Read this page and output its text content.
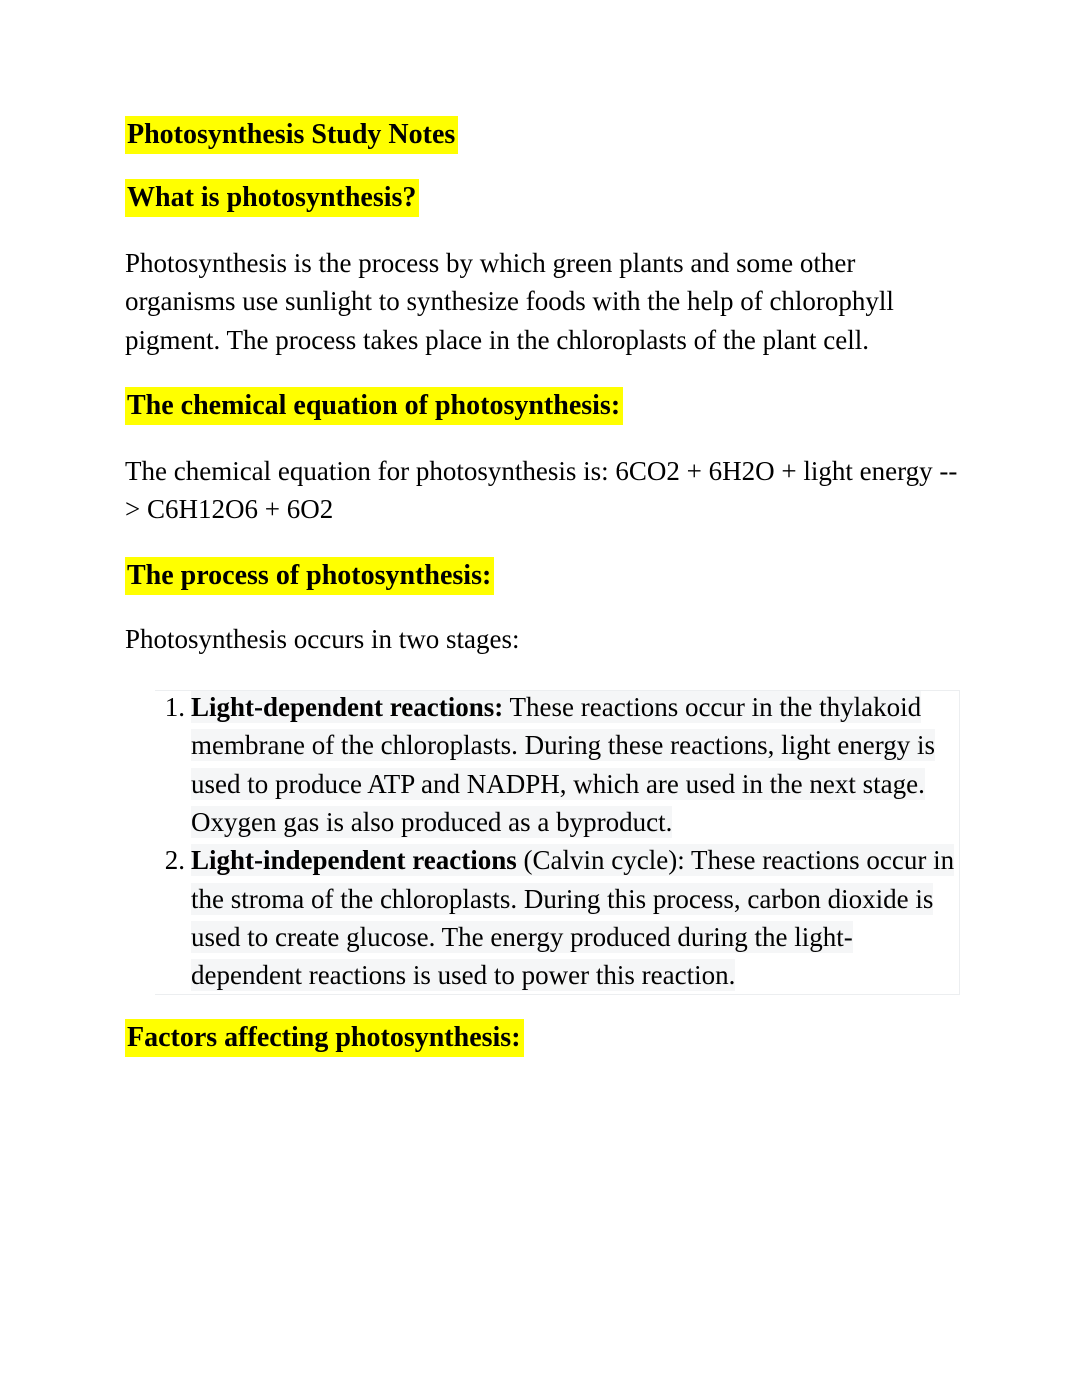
Photosynthesis Study Notes
What is photosynthesis?

Photosynthesis is the process by which green plants and some other organisms use sunlight to synthesize foods with the help of chlorophyll pigment. The process takes place in the chloroplasts of the plant cell.

The chemical equation of photosynthesis:

The chemical equation for photosynthesis is: 6CO2 + 6H2O + light energy --> C6H12O6 + 6O2

The process of photosynthesis:

Photosynthesis occurs in two stages:

Light-dependent reactions: These reactions occur in the thylakoid membrane of the chloroplasts. During these reactions, light energy is used to produce ATP and NADPH, which are used in the next stage. Oxygen gas is also produced as a byproduct.
Light-independent reactions (Calvin cycle): These reactions occur in the stroma of the chloroplasts. During this process, carbon dioxide is used to create glucose. The energy produced during the light-dependent reactions is used to power this reaction.
Factors affecting photosynthesis:
